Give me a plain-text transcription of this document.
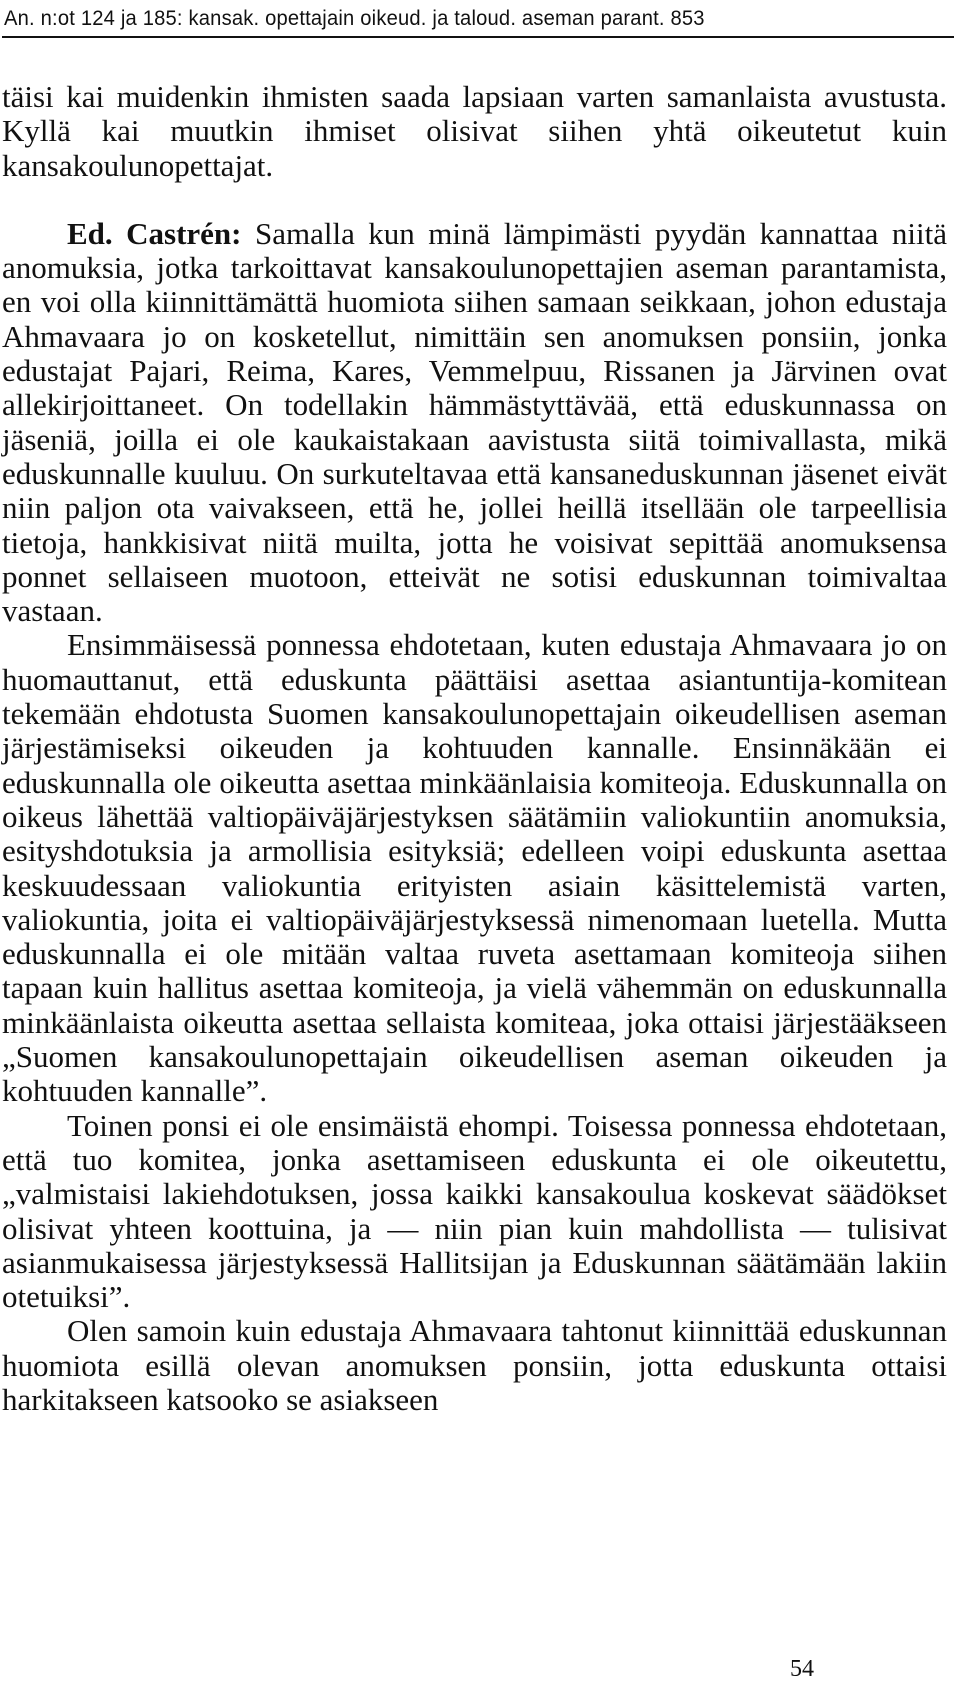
An. n:ot 124 ja 185: kansak. opettajain oikeud. ja taloud. aseman parant. 853

täisi kai muidenkin ihmisten saada lapsiaan varten samanlaista avustusta. Kyllä kai muutkin ihmiset olisivat siihen yhtä oikeutetut kuin kansakoulunopettajat.

Ed. Castrén: Samalla kun minä lämpimästi pyydän kannattaa niitä anomuksia, jotka tarkoittavat kansakoulunopettajien aseman parantamista, en voi olla kiinnittämättä huomiota siihen samaan seikkaan, johon edustaja Ahmavaara jo on kosketellut, nimittäin sen anomuksen ponsiin, jonka edustajat Pajari, Reima, Kares, Vemmelpuu, Rissanen ja Järvinen ovat allekirjoittaneet. On todellakin hämmästyttävää, että eduskunnassa on jäseniä, joilla ei ole kaukaistakaan aavistusta siitä toimivallasta, mikä eduskunnalle kuuluu. On surkuteltavaa että kansaneduskunnan jäsenet eivät niin paljon ota vaivakseen, että he, jollei heillä itsellään ole tarpeellisia tietoja, hankkisivat niitä muilta, jotta he voisivat sepittää anomuksensa ponnet sellaiseen muotoon, etteivät ne sotisi eduskunnan toimivaltaa vastaan.

Ensimmäisessä ponnessa ehdotetaan, kuten edustaja Ahmavaara jo on huomauttanut, että eduskunta päättäisi asettaa asiantuntija-komitean tekemään ehdotusta Suomen kansakoulunopettajain oikeudellisen aseman järjestämiseksi oikeuden ja kohtuuden kannalle. Ensinnäkään ei eduskunnalla ole oikeutta asettaa minkäänlaisia komiteoja. Eduskunnalla on oikeus lähettää valtiopäiväjärjestyksen säätämiin valiokuntiin anomuksia, esityshdotuksia ja armollisia esityksiä; edelleen voipi eduskunta asettaa keskuudessaan valiokuntia erityisten asiain käsittelemistä varten, valiokuntia, joita ei valtiopäiväjärjestyksessä nimenomaan luetella. Mutta eduskunnalla ei ole mitään valtaa ruveta asettamaan komiteoja siihen tapaan kuin hallitus asettaa komiteoja, ja vielä vähemmän on eduskunnalla minkäänlaista oikeutta asettaa sellaista komiteaa, joka ottaisi järjestääkseen „Suomen kansakoulunopettajain oikeudellisen aseman oikeuden ja kohtuuden kannalle”.

Toinen ponsi ei ole ensimäistä ehompi. Toisessa ponnessa ehdotetaan, että tuo komitea, jonka asettamiseen eduskunta ei ole oikeutettu, „valmistaisi lakiehdotuksen, jossa kaikki kansakoulua koskevat säädökset olisivat yhteen koottuina, ja — niin pian kuin mahdollista — tulisivat asianmukaisessa järjestyksessä Hallitsijan ja Eduskunnan säätämään lakiin otetuiksi”.

Olen samoin kuin edustaja Ahmavaara tahtonut kiinnittää eduskunnan huomiota esillä olevan anomuksen ponsiin, jotta eduskunta ottaisi harkitakseen katsooko se asiakseen

54
